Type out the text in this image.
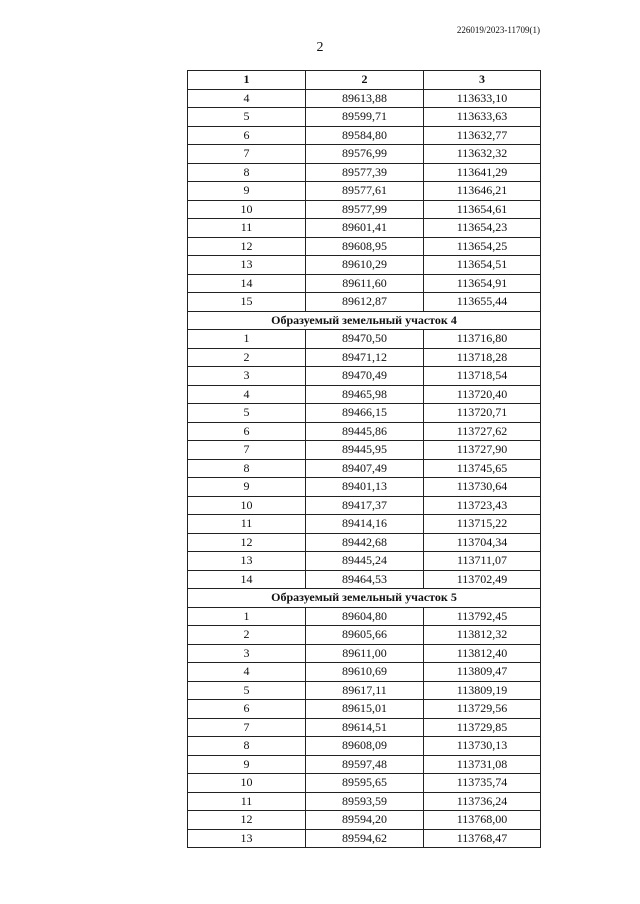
226019/2023-11709(1)
2
1	2	3
4	89613,88	113633,10
5	89599,71	113633,63
6	89584,80	113632,77
7	89576,99	113632,32
8	89577,39	113641,29
9	89577,61	113646,21
10	89577,99	113654,61
11	89601,41	113654,23
12	89608,95	113654,25
13	89610,29	113654,51
14	89611,60	113654,91
15	89612,87	113655,44
Образуемый земельный участок 4		
1	89470,50	113716,80
2	89471,12	113718,28
3	89470,49	113718,54
4	89465,98	113720,40
5	89466,15	113720,71
6	89445,86	113727,62
7	89445,95	113727,90
8	89407,49	113745,65
9	89401,13	113730,64
10	89417,37	113723,43
11	89414,16	113715,22
12	89442,68	113704,34
13	89445,24	113711,07
14	89464,53	113702,49
Образуемый земельный участок 5		
1	89604,80	113792,45
2	89605,66	113812,32
3	89611,00	113812,40
4	89610,69	113809,47
5	89617,11	113809,19
6	89615,01	113729,56
7	89614,51	113729,85
8	89608,09	113730,13
9	89597,48	113731,08
10	89595,65	113735,74
11	89593,59	113736,24
12	89594,20	113768,00
13	89594,62	113768,47
